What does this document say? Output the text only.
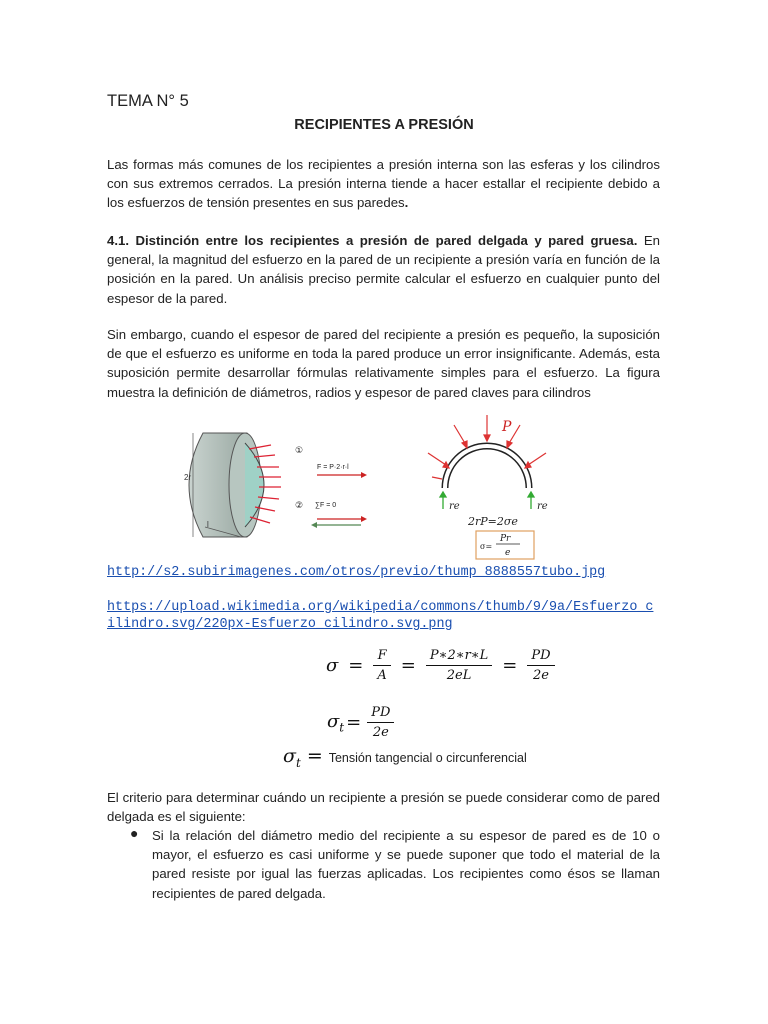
TEMA N° 5
RECIPIENTES A PRESIÓN
Las formas más comunes de los recipientes a presión interna son las esferas y los cilindros con sus extremos cerrados. La presión interna tiende a hacer estallar el recipiente debido a los esfuerzos de tensión presentes en sus paredes.
4.1. Distinción entre los recipientes a presión de pared delgada y pared gruesa. En general, la magnitud del esfuerzo en la pared de un recipiente a presión varía en función de la posición en la pared. Un análisis preciso permite calcular el esfuerzo en cualquier punto del espesor de la pared.
Sin embargo, cuando el espesor de pared del recipiente a presión es pequeño, la suposición de que el esfuerzo es uniforme en toda la pared produce un error insignificante. Además, esta suposición permite desarrollar fórmulas relativamente simples para el esfuerzo. La figura muestra la definición de diámetros, radios y espesor de pared claves para cilindros
2r
l
①
F = P·2·r·l
② ∑F = 0
P
re	re
2rP=2σe
σ=
Pr
e
http://s2.subirimagenes.com/otros/previo/thump_8888557tubo.jpg
https://upload.wikimedia.org/wikipedia/commons/thumb/9/9a/Esfuerzo_cilindro.svg/220px-Esfuerzo_cilindro.svg.png
$\sigma = \frac{F}{A} = \frac{P∗2∗r∗L}{2eL} = \frac{PD}{2e}$
$\sigma_t = \frac{PD}{2e}$
$\sigma_t$ = Tensión tangencial o circunferencial
El criterio para determinar cuándo un recipiente a presión se puede considerar como de pared delgada es el siguiente:
● Si la relación del diámetro medio del recipiente a su espesor de pared es de 10 o mayor, el esfuerzo es casi uniforme y se puede suponer que todo el material de la pared resiste por igual las fuerzas aplicadas. Los recipientes como ésos se llaman recipientes de pared delgada.
